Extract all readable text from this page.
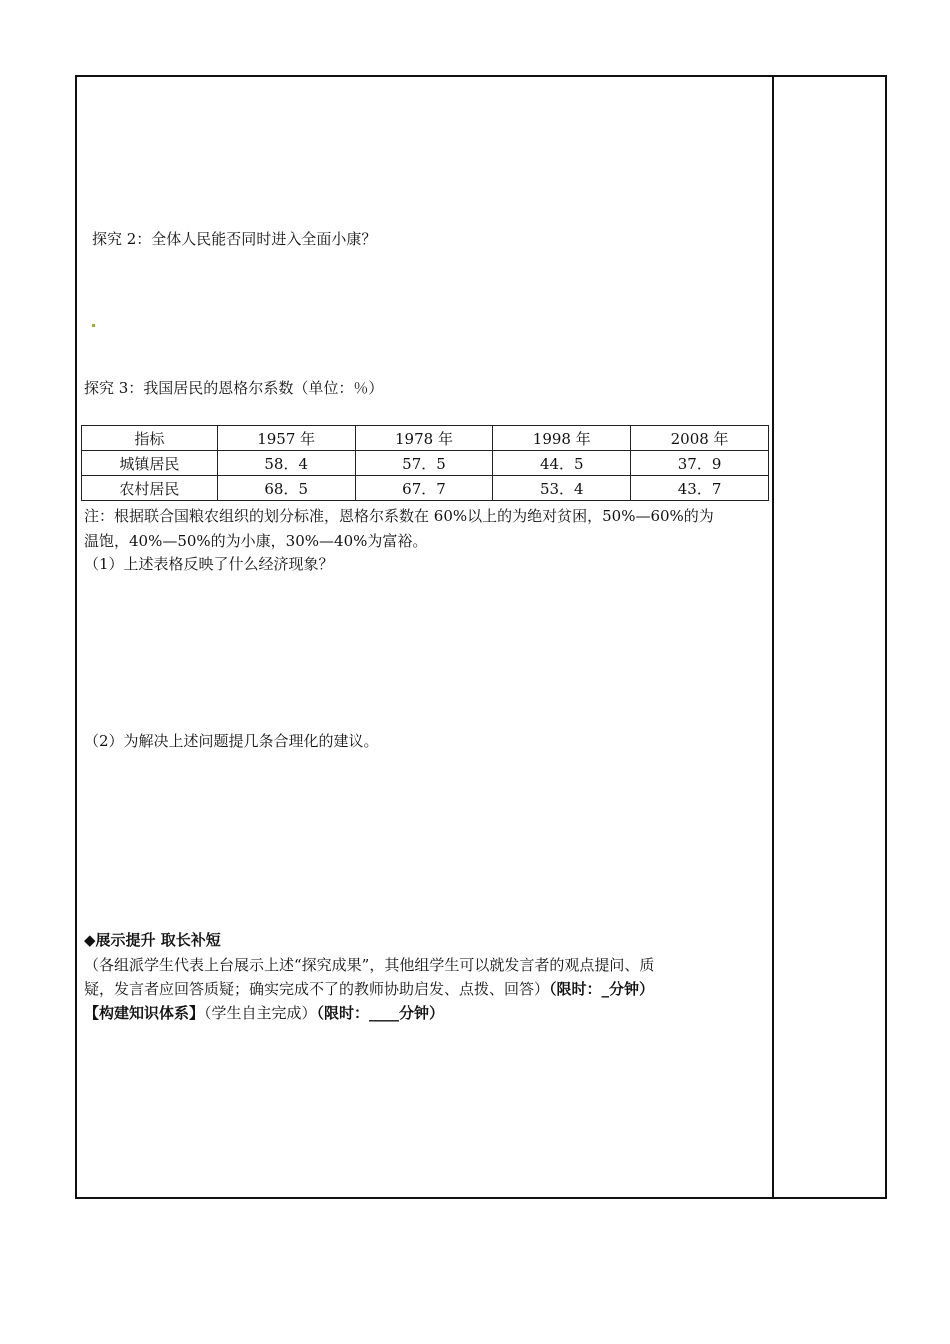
探究 2：全体人民能否同时进入全面小康？
探究 3：我国居民的恩格尔系数（单位：％）
指标	1957 年	1978 年	1998 年	2008 年
城镇居民	58．4	57．5	44．5	37．9
农村居民	68．5	67．7	53．4	43．7
注：根据联合国粮农组织的划分标准，恩格尔系数在 60%以上的为绝对贫困，50%—60%的为
温饱，40%—50%的为小康，30%—40%为富裕。
（1）上述表格反映了什么经济现象？
（2）为解决上述问题提几条合理化的建议。
◆展示提升 取长补短
（各组派学生代表上台展示上述“探究成果”，其他组学生可以就发言者的观点提问、质
疑，发言者应回答质疑；确实完成不了的教师协助启发、点拨、回答）（限时：_分钟）
【构建知识体系】（学生自主完成）（限时：____分钟）
